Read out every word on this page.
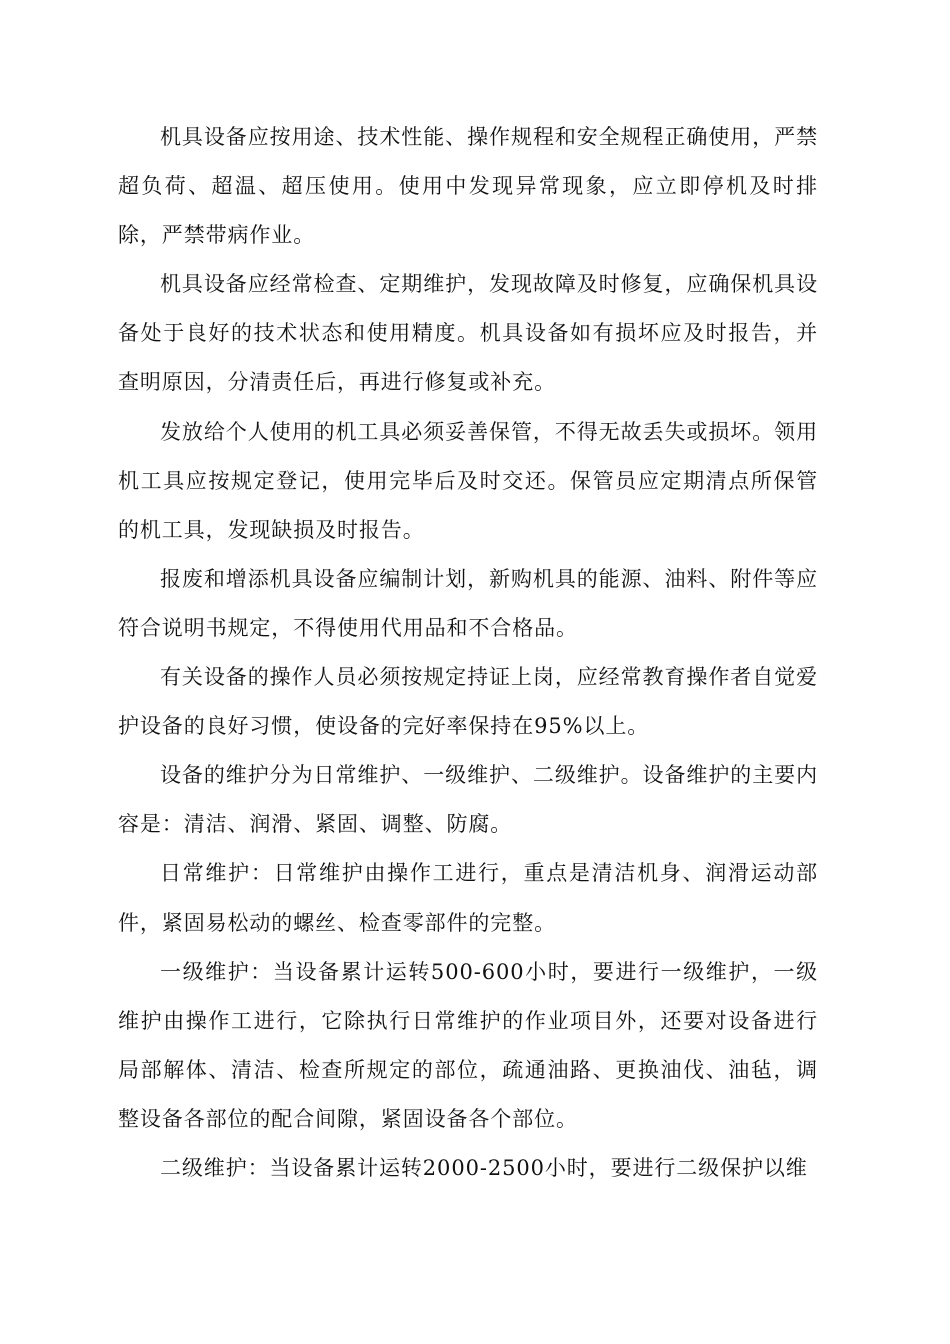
机具设备应按用途、技术性能、操作规程和安全规程正确使用，严禁超负荷、超温、超压使用。使用中发现异常现象，应立即停机及时排除，严禁带病作业。

机具设备应经常检查、定期维护，发现故障及时修复，应确保机具设备处于良好的技术状态和使用精度。机具设备如有损坏应及时报告，并查明原因，分清责任后，再进行修复或补充。

发放给个人使用的机工具必须妥善保管，不得无故丢失或损坏。领用机工具应按规定登记，使用完毕后及时交还。保管员应定期清点所保管的机工具，发现缺损及时报告。

报废和增添机具设备应编制计划，新购机具的能源、油料、附件等应符合说明书规定，不得使用代用品和不合格品。

有关设备的操作人员必须按规定持证上岗，应经常教育操作者自觉爱护设备的良好习惯，使设备的完好率保持在95%以上。

设备的维护分为日常维护、一级维护、二级维护。设备维护的主要内容是：清洁、润滑、紧固、调整、防腐。

日常维护：日常维护由操作工进行，重点是清洁机身、润滑运动部件，紧固易松动的螺丝、检查零部件的完整。

一级维护：当设备累计运转500-600小时，要进行一级维护，一级维护由操作工进行，它除执行日常维护的作业项目外，还要对设备进行局部解体、清洁、检查所规定的部位，疏通油路、更换油伐、油毡，调整设备各部位的配合间隙，紧固设备各个部位。

二级维护：当设备累计运转2000-2500小时，要进行二级保护以维
